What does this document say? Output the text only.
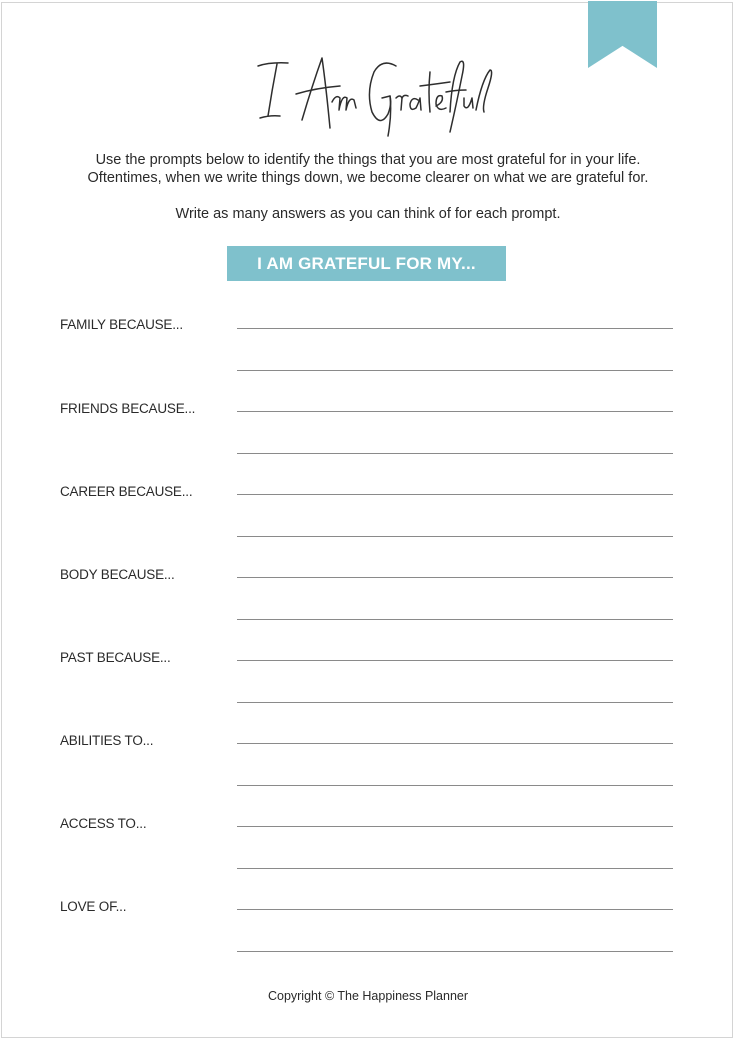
Use the prompts below to identify the things that you are most grateful for in your life.

Oftentimes, when we write things down, we become clearer on what we are grateful for.

Write as many answers as you can think of for each prompt.

I AM GRATEFUL FOR MY...
FAMILY BECAUSE...
FRIENDS BECAUSE...
CAREER BECAUSE...
BODY BECAUSE...
PAST BECAUSE...
ABILITIES TO...
ACCESS TO...
LOVE OF...
Copyright © The Happiness Planner
